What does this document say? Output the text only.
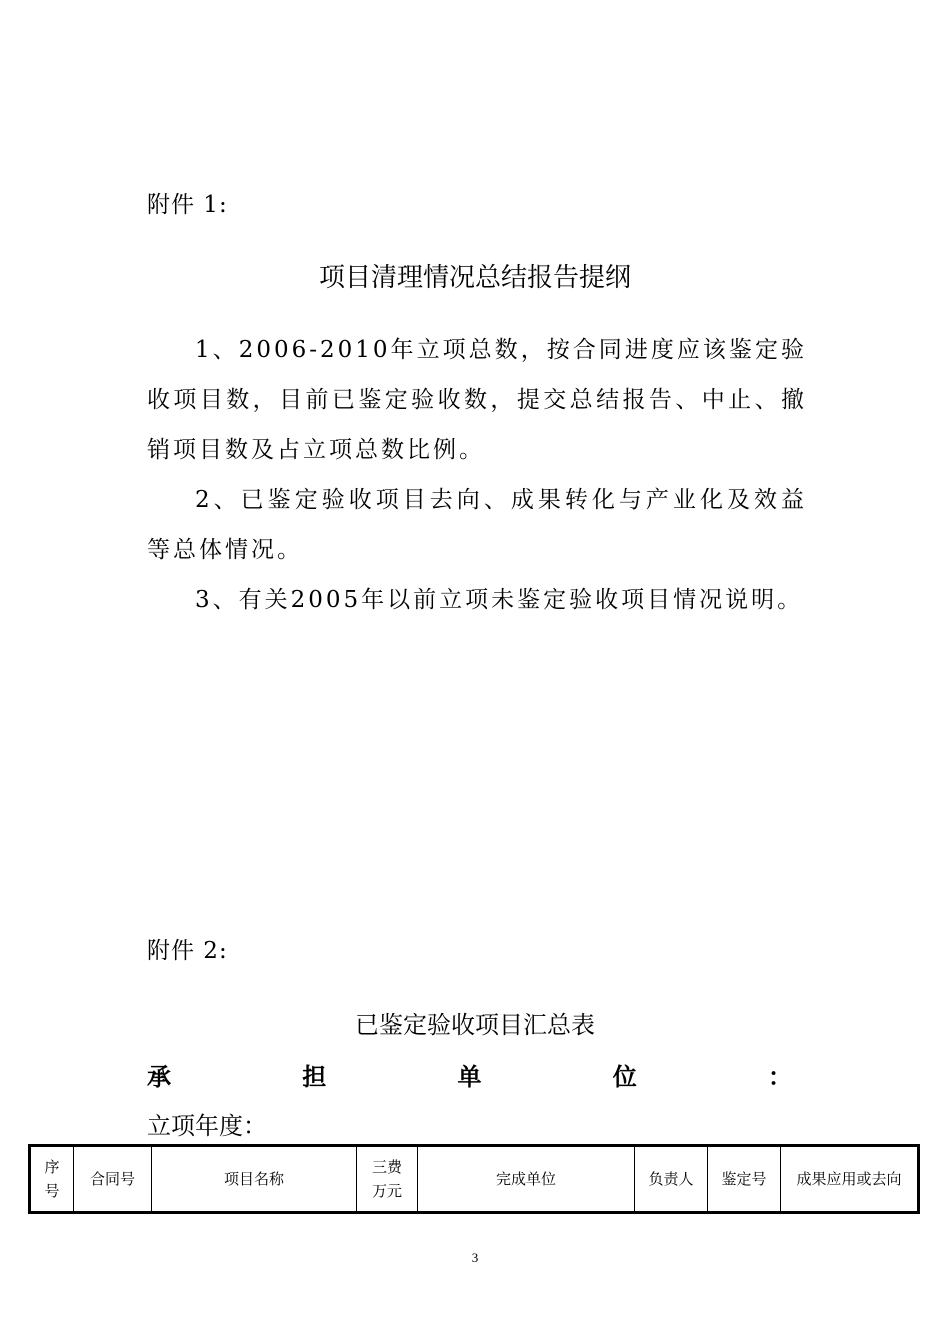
附件 1:

项目清理情况总结报告提纲

1、2006-2010年立项总数，按合同进度应该鉴定验收项目数，目前已鉴定验收数，提交总结报告、中止、撤销项目数及占立项总数比例。

2、已鉴定验收项目去向、成果转化与产业化及效益等总体情况。

3、有关2005年以前立项未鉴定验收项目情况说明。

附件 2:

已鉴定验收项目汇总表

承	担	单	位	：

立项年度：

序号	合同号	项目名称	三费万元	完成单位	负责人	鉴定号	成果应用或去向

3
